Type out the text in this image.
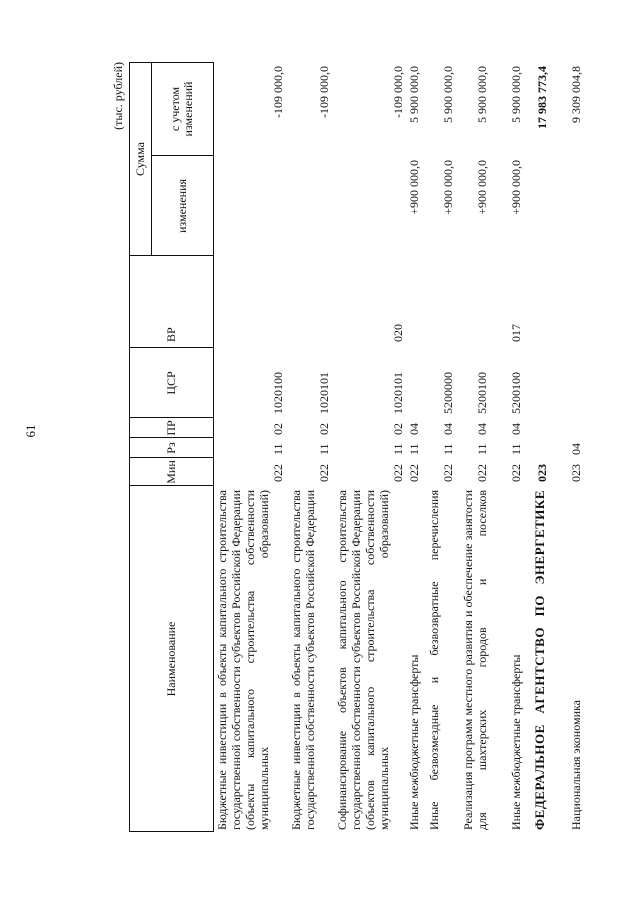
61
(тыс. рублей)
Наименование
Мин
Рз
ПР
ЦСР
ВР
Сумма
изменения
с учетом изменений
Бюджетные инвестиции в объекты капитального строительства государственной собственности субъектов Российской Федерации (объекты капитального строительства собственности муниципальных образований)
022
11
02
1020100
-109 000,0
Бюджетные инвестиции в объекты капитального строительства государственной собственности субъектов Российской Федерации
022
11
02
1020101
-109 000,0
Софинансирование объектов капитального строительства государственной собственности субъектов Российской Федерации (объектов капитального строительства собственности муниципальных образований)
022
11
02
1020101
020
-109 000,0
Иные межбюджетные трансферты
022
11
04
+900 000,0
5 900 000,0
Иные безвозмездные и безвозвратные перечисления
022
11
04
5200000
+900 000,0
5 900 000,0
Реализация программ местного развития и обеспечение занятости для шахтерских городов и поселков
022
11
04
5200100
+900 000,0
5 900 000,0
Иные межбюджетные трансферты
022
11
04
5200100
017
+900 000,0
5 900 000,0
ФЕДЕРАЛЬНОЕ АГЕНТСТВО ПО ЭНЕРГЕТИКЕ
023
17 983 773,4
Национальная экономика
023
04
9 309 004,8
